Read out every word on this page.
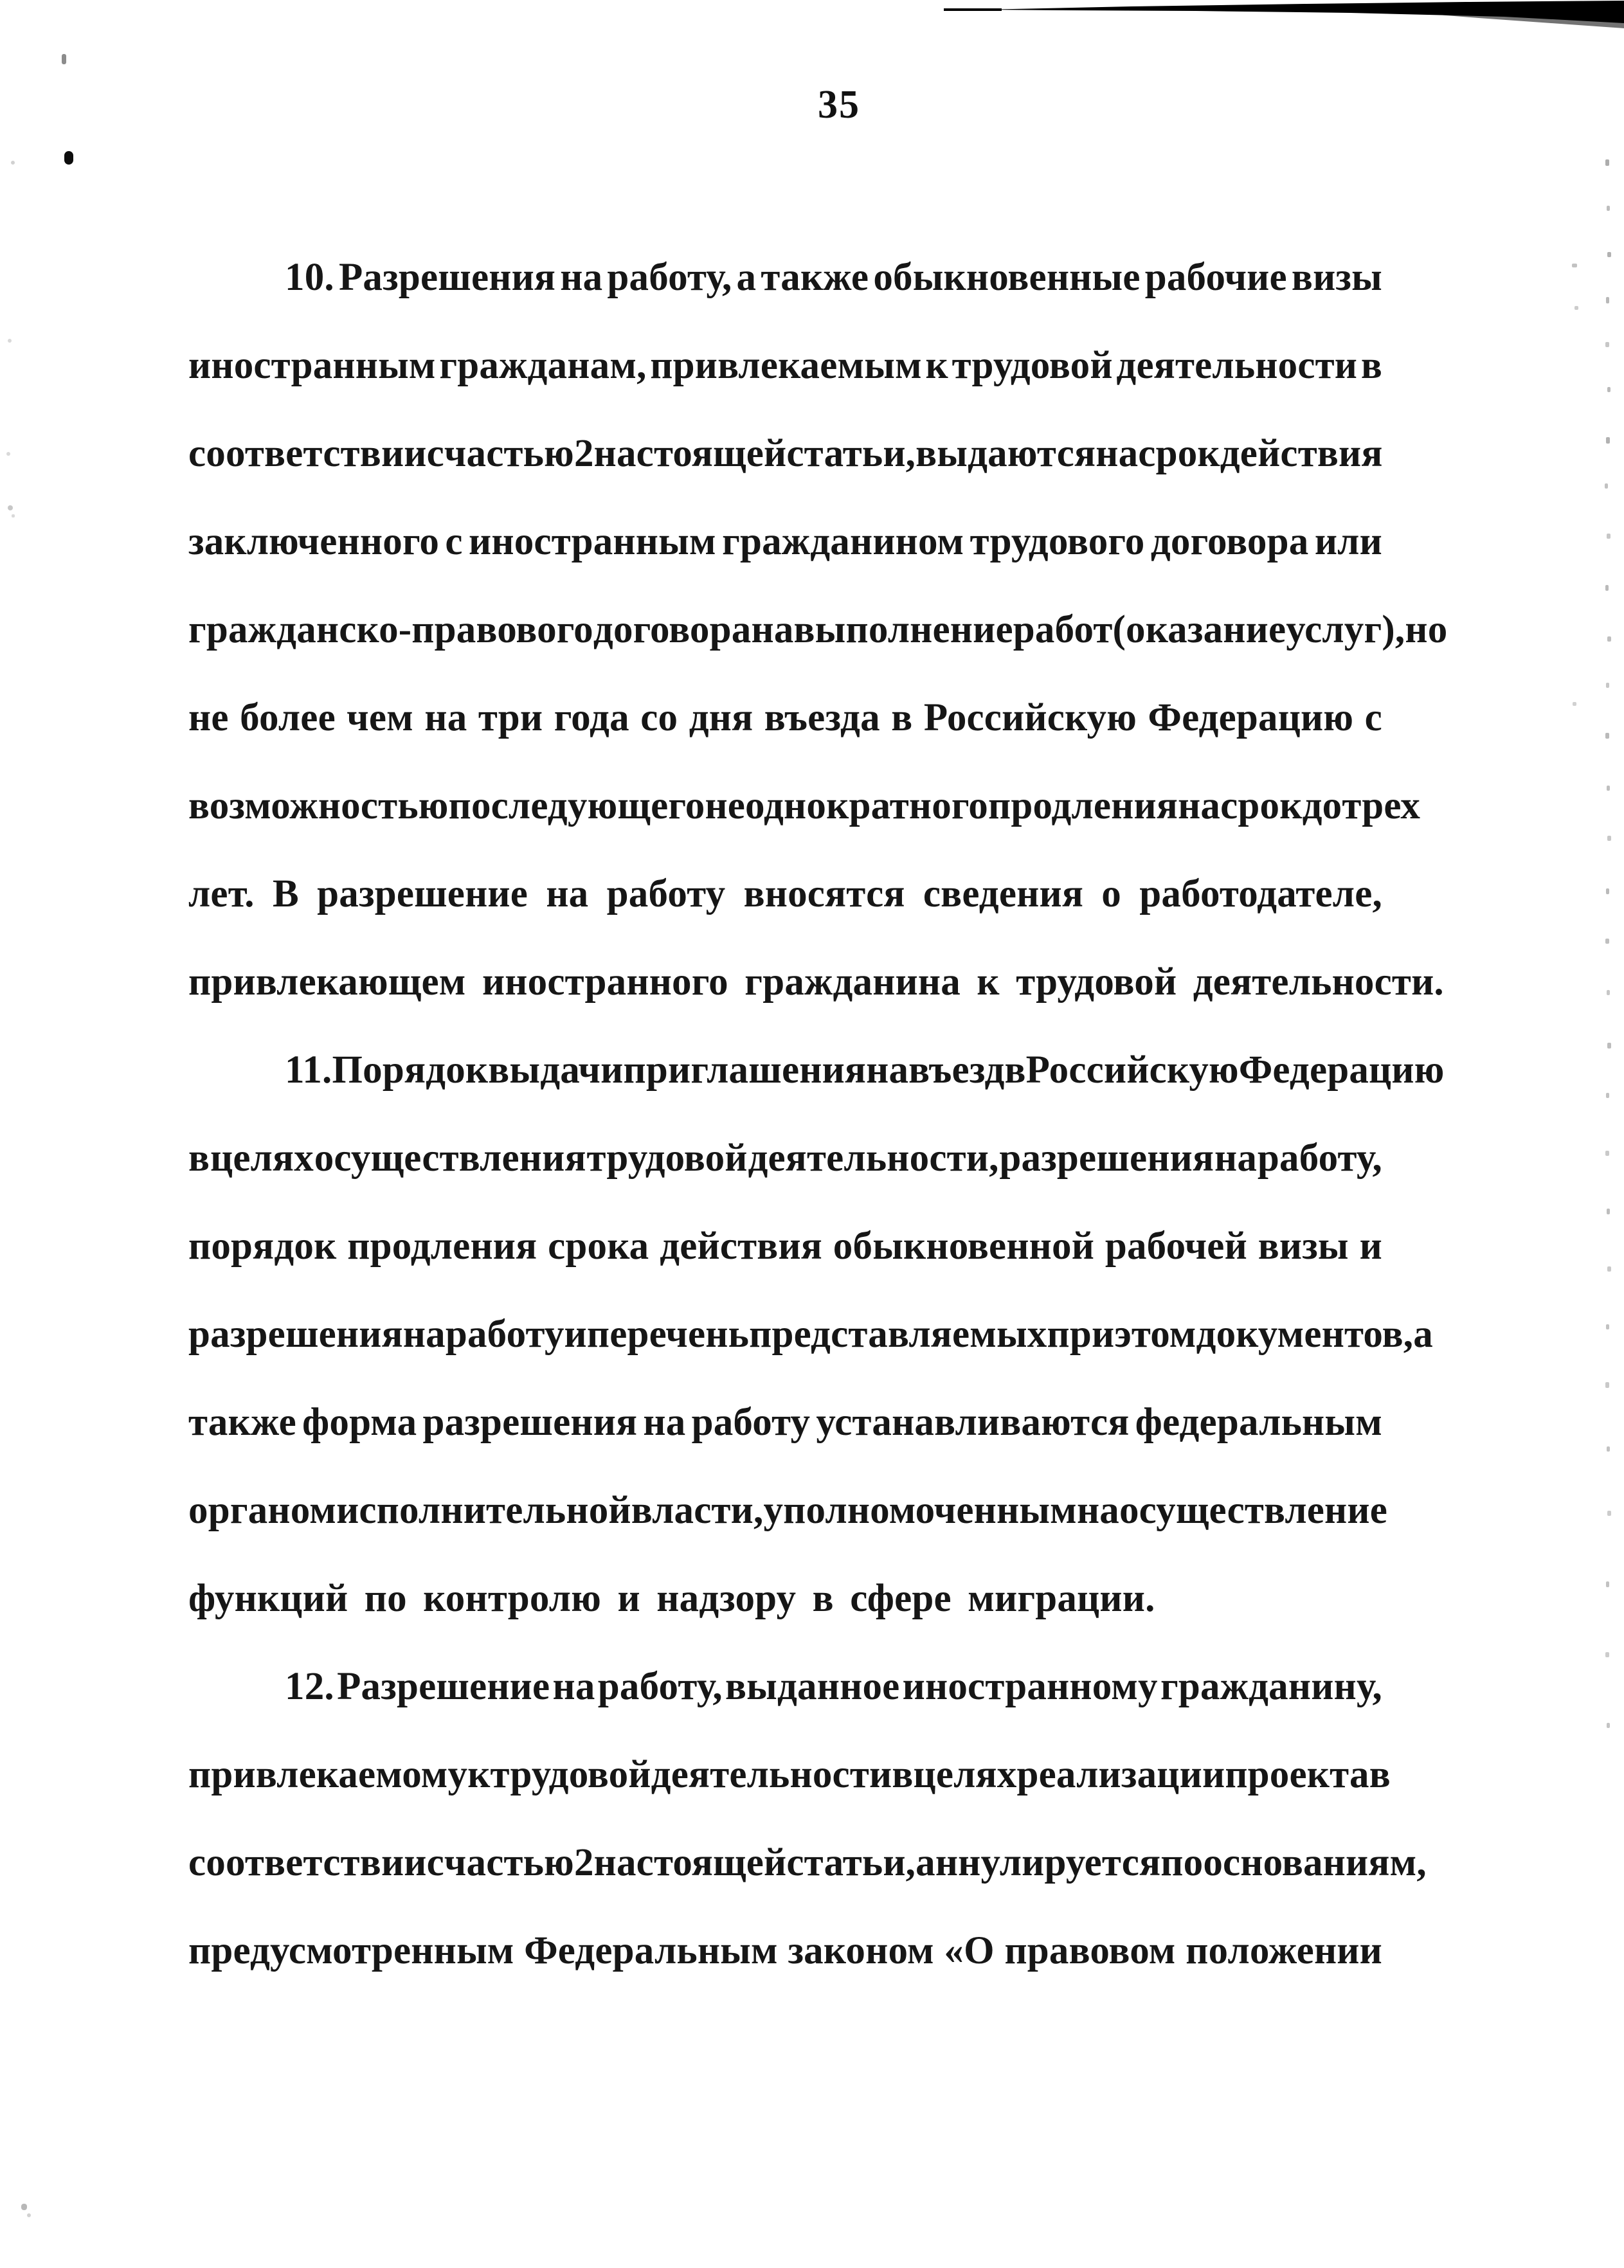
35
10. Разрешения на работу, а также обыкновенные рабочие визы
иностранным гражданам, привлекаемым к трудовой деятельности в
соответствии с частью 2 настоящей статьи, выдаются на срок действия
заключенного с иностранным гражданином трудового договора или
гражданско-правового договора на выполнение работ (оказание услуг), но
не более чем на три года со дня въезда в Российскую Федерацию с
возможностью последующего неоднократного продления на срок до трех
лет. В разрешение на работу вносятся сведения о работодателе,
привлекающем иностранного гражданина к трудовой деятельности.
11. Порядок выдачи приглашения на въезд в Российскую Федерацию
в целях осуществления трудовой деятельности, разрешения на работу,
порядок продления срока действия обыкновенной рабочей визы и
разрешения на работу и перечень представляемых при этом документов, а
также форма разрешения на работу устанавливаются федеральным
органом исполнительной власти, уполномоченным на осуществление
функций по контролю и надзору в сфере миграции.
12. Разрешение на работу, выданное иностранному гражданину,
привлекаемому к трудовой деятельности в целях реализации проекта в
соответствии с частью 2 настоящей статьи, аннулируется по основаниям,
предусмотренным Федеральным законом «О правовом положении
